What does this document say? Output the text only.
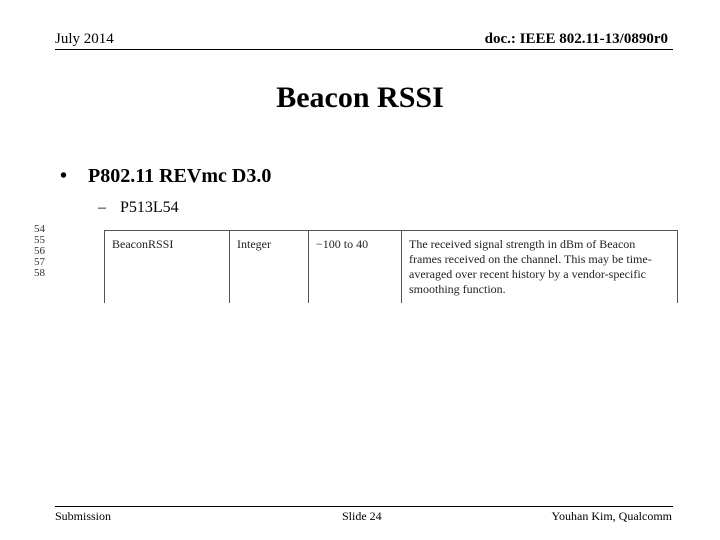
July 2014	doc.: IEEE 802.11-13/0890r0
Beacon RSSI
• P802.11 REVmc D3.0
– P513L54

54
55
56
57
58
BeaconRSSI	Integer	−100 to 40	The received signal strength in dBm of Beacon frames received on the channel. This may be time-averaged over recent history by a vendor-specific smoothing function.
Submission	Slide 24	Youhan Kim, Qualcomm
